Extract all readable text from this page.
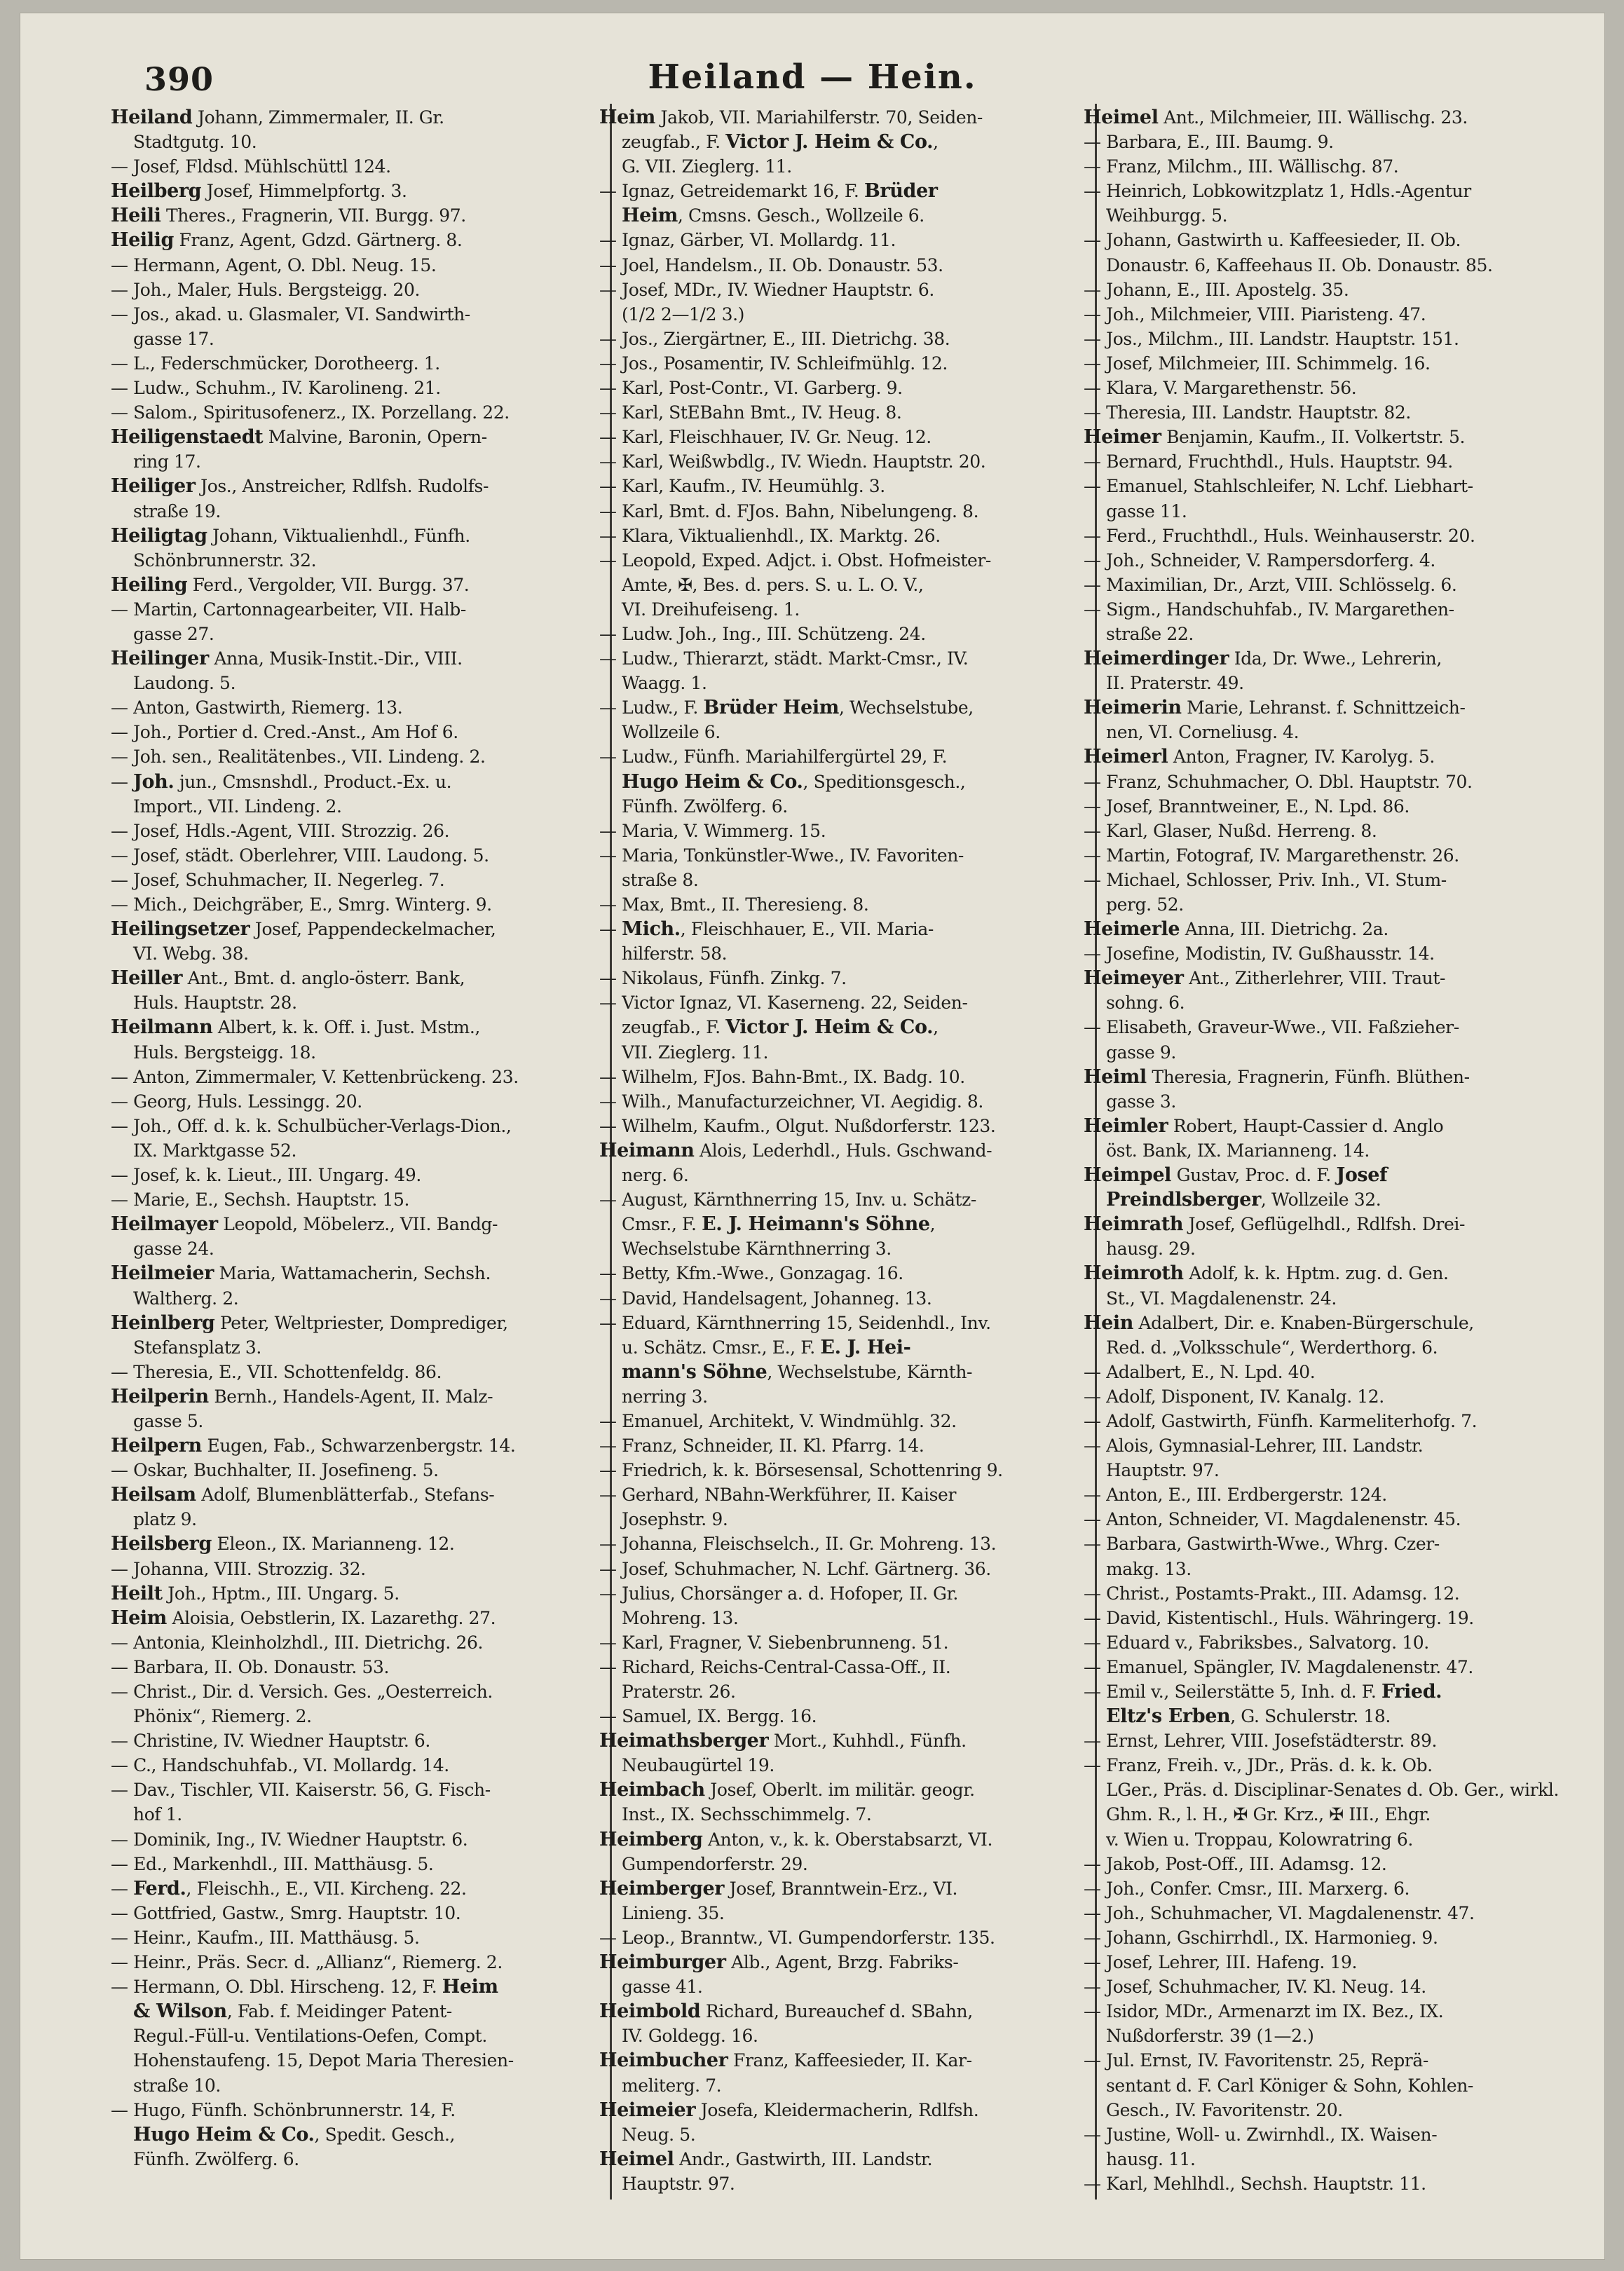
390	Heiland — Hein.
Heiland Johann, Zimmermaler, II. Gr.
Stadtgutg. 10.
— Josef, Fldsd. Mühlschüttl 124.
Heilberg Josef, Himmelpfortg. 3.
Heili Theres., Fragnerin, VII. Burgg. 97.
Heilig Franz, Agent, Gdzd. Gärtnerg. 8.
— Hermann, Agent, O. Dbl. Neug. 15.
— Joh., Maler, Huls. Bergsteigg. 20.
— Jos., akad. u. Glasmaler, VI. Sandwirth-
gasse 17.
— L., Federschmücker, Dorotheerg. 1.
— Ludw., Schuhm., IV. Karolineng. 21.
— Salom., Spiritusofenerz., IX. Porzellang. 22.
Heiligenstaedt Malvine, Baronin, Opern-
ring 17.
Heiliger Jos., Anstreicher, Rdlfsh. Rudolfs-
straße 19.
Heiligtag Johann, Viktualienhdl., Fünfh.
Schönbrunnerstr. 32.
Heiling Ferd., Vergolder, VII. Burgg. 37.
— Martin, Cartonnagearbeiter, VII. Halb-
gasse 27.
Heilinger Anna, Musik-Instit.-Dir., VIII.
Laudong. 5.
— Anton, Gastwirth, Riemerg. 13.
— Joh., Portier d. Cred.-Anst., Am Hof 6.
— Joh. sen., Realitätenbes., VII. Lindeng. 2.
— Joh. jun., Cmsnshdl., Product.-Ex. u.
Import., VII. Lindeng. 2.
— Josef, Hdls.-Agent, VIII. Strozzig. 26.
— Josef, städt. Oberlehrer, VIII. Laudong. 5.
— Josef, Schuhmacher, II. Negerleg. 7.
— Mich., Deichgräber, E., Smrg. Winterg. 9.
Heilingsetzer Josef, Pappendeckelmacher,
VI. Webg. 38.
Heiller Ant., Bmt. d. anglo-österr. Bank,
Huls. Hauptstr. 28.
Heilmann Albert, k. k. Off. i. Just. Mstm.,
Huls. Bergsteigg. 18.
— Anton, Zimmermaler, V. Kettenbrückeng. 23.
— Georg, Huls. Lessingg. 20.
— Joh., Off. d. k. k. Schulbücher-Verlags-Dion.,
IX. Marktgasse 52.
— Josef, k. k. Lieut., III. Ungarg. 49.
— Marie, E., Sechsh. Hauptstr. 15.
Heilmayer Leopold, Möbelerz., VII. Bandg-
gasse 24.
Heilmeier Maria, Wattamacherin, Sechsh.
Waltherg. 2.
Heinlberg Peter, Weltpriester, Domprediger,
Stefansplatz 3.
— Theresia, E., VII. Schottenfeldg. 86.
Heilperin Bernh., Handels-Agent, II. Malz-
gasse 5.
Heilpern Eugen, Fab., Schwarzenbergstr. 14.
— Oskar, Buchhalter, II. Josefineng. 5.
Heilsam Adolf, Blumenblätterfab., Stefans-
platz 9.
Heilsberg Eleon., IX. Marianneng. 12.
— Johanna, VIII. Strozzig. 32.
Heilt Joh., Hptm., III. Ungarg. 5.
Heim Aloisia, Oebstlerin, IX. Lazarethg. 27.
— Antonia, Kleinholzhdl., III. Dietrichg. 26.
— Barbara, II. Ob. Donaustr. 53.
— Christ., Dir. d. Versich. Ges. „Oesterreich.
Phönix“, Riemerg. 2.
— Christine, IV. Wiedner Hauptstr. 6.
— C., Handschuhfab., VI. Mollardg. 14.
— Dav., Tischler, VII. Kaiserstr. 56, G. Fisch-
hof 1.
— Dominik, Ing., IV. Wiedner Hauptstr. 6.
— Ed., Markenhdl., III. Matthäusg. 5.
— Ferd., Fleischh., E., VII. Kircheng. 22.
— Gottfried, Gastw., Smrg. Hauptstr. 10.
— Heinr., Kaufm., III. Matthäusg. 5.
— Heinr., Präs. Secr. d. „Allianz“, Riemerg. 2.
— Hermann, O. Dbl. Hirscheng. 12, F. Heim
& Wilson, Fab. f. Meidinger Patent-
Regul.-Füll-u. Ventilations-Oefen, Compt.
Hohenstaufeng. 15, Depot Maria Theresien-
straße 10.
— Hugo, Fünfh. Schönbrunnerstr. 14, F.
Hugo Heim & Co., Spedit. Gesch.,
Fünfh. Zwölferg. 6.
Heim Jakob, VII. Mariahilferstr. 70, Seiden-
zeugfab., F. Victor J. Heim & Co.,
G. VII. Zieglerg. 11.
— Ignaz, Getreidemarkt 16, F. Brüder
Heim, Cmsns. Gesch., Wollzeile 6.
— Ignaz, Gärber, VI. Mollardg. 11.
— Joel, Handelsm., II. Ob. Donaustr. 53.
— Josef, MDr., IV. Wiedner Hauptstr. 6.
(1/2 2—1/2 3.)
— Jos., Ziergärtner, E., III. Dietrichg. 38.
— Jos., Posamentir, IV. Schleifmühlg. 12.
— Karl, Post-Contr., VI. Garberg. 9.
— Karl, StEBahn Bmt., IV. Heug. 8.
— Karl, Fleischhauer, IV. Gr. Neug. 12.
— Karl, Weißwbdlg., IV. Wiedn. Hauptstr. 20.
— Karl, Kaufm., IV. Heumühlg. 3.
— Karl, Bmt. d. FJos. Bahn, Nibelungeng. 8.
— Klara, Viktualienhdl., IX. Marktg. 26.
— Leopold, Exped. Adjct. i. Obst. Hofmeister-
Amte, ✠, Bes. d. pers. S. u. L. O. V.,
VI. Dreihufeiseng. 1.
— Ludw. Joh., Ing., III. Schützeng. 24.
— Ludw., Thierarzt, städt. Markt-Cmsr., IV.
Waagg. 1.
— Ludw., F. Brüder Heim, Wechselstube,
Wollzeile 6.
— Ludw., Fünfh. Mariahilfergürtel 29, F.
Hugo Heim & Co., Speditionsgesch.,
Fünfh. Zwölferg. 6.
— Maria, V. Wimmerg. 15.
— Maria, Tonkünstler-Wwe., IV. Favoriten-
straße 8.
— Max, Bmt., II. Theresieng. 8.
— Mich., Fleischhauer, E., VII. Maria-
hilferstr. 58.
— Nikolaus, Fünfh. Zinkg. 7.
— Victor Ignaz, VI. Kaserneng. 22, Seiden-
zeugfab., F. Victor J. Heim & Co.,
VII. Zieglerg. 11.
— Wilhelm, FJos. Bahn-Bmt., IX. Badg. 10.
— Wilh., Manufacturzeichner, VI. Aegidig. 8.
— Wilhelm, Kaufm., Olgut. Nußdorferstr. 123.
Heimann Alois, Lederhdl., Huls. Gschwand-
nerg. 6.
— August, Kärnthnerring 15, Inv. u. Schätz-
Cmsr., F. E. J. Heimann's Söhne,
Wechselstube Kärnthnerring 3.
— Betty, Kfm.-Wwe., Gonzagag. 16.
— David, Handelsagent, Johanneg. 13.
— Eduard, Kärnthnerring 15, Seidenhdl., Inv.
u. Schätz. Cmsr., E., F. E. J. Hei-
mann's Söhne, Wechselstube, Kärnth-
nerring 3.
— Emanuel, Architekt, V. Windmühlg. 32.
— Franz, Schneider, II. Kl. Pfarrg. 14.
— Friedrich, k. k. Börsesensal, Schottenring 9.
— Gerhard, NBahn-Werkführer, II. Kaiser
Josephstr. 9.
— Johanna, Fleischselch., II. Gr. Mohreng. 13.
— Josef, Schuhmacher, N. Lchf. Gärtnerg. 36.
— Julius, Chorsänger a. d. Hofoper, II. Gr.
Mohreng. 13.
— Karl, Fragner, V. Siebenbrunneng. 51.
— Richard, Reichs-Central-Cassa-Off., II.
Praterstr. 26.
— Samuel, IX. Bergg. 16.
Heimathsberger Mort., Kuhhdl., Fünfh.
Neubaugürtel 19.
Heimbach Josef, Oberlt. im militär. geogr.
Inst., IX. Sechsschimmelg. 7.
Heimberg Anton, v., k. k. Oberstabsarzt, VI.
Gumpendorferstr. 29.
Heimberger Josef, Branntwein-Erz., VI.
Linieng. 35.
— Leop., Branntw., VI. Gumpendorferstr. 135.
Heimburger Alb., Agent, Brzg. Fabriks-
gasse 41.
Heimbold Richard, Bureauchef d. SBahn,
IV. Goldegg. 16.
Heimbucher Franz, Kaffeesieder, II. Kar-
meliterg. 7.
Heimeier Josefa, Kleidermacherin, Rdlfsh.
Neug. 5.
Heimel Andr., Gastwirth, III. Landstr.
Hauptstr. 97.
Heimel Ant., Milchmeier, III. Wällischg. 23.
— Barbara, E., III. Baumg. 9.
— Franz, Milchm., III. Wällischg. 87.
— Heinrich, Lobkowitzplatz 1, Hdls.-Agentur
Weihburgg. 5.
— Johann, Gastwirth u. Kaffeesieder, II. Ob.
Donaustr. 6, Kaffeehaus II. Ob. Donaustr. 85.
— Johann, E., III. Apostelg. 35.
— Joh., Milchmeier, VIII. Piaristeng. 47.
— Jos., Milchm., III. Landstr. Hauptstr. 151.
— Josef, Milchmeier, III. Schimmelg. 16.
— Klara, V. Margarethenstr. 56.
— Theresia, III. Landstr. Hauptstr. 82.
Heimer Benjamin, Kaufm., II. Volkertstr. 5.
— Bernard, Fruchthdl., Huls. Hauptstr. 94.
— Emanuel, Stahlschleifer, N. Lchf. Liebhart-
gasse 11.
— Ferd., Fruchthdl., Huls. Weinhauserstr. 20.
— Joh., Schneider, V. Rampersdorferg. 4.
— Maximilian, Dr., Arzt, VIII. Schlösselg. 6.
— Sigm., Handschuhfab., IV. Margarethen-
straße 22.
Heimerdinger Ida, Dr. Wwe., Lehrerin,
II. Praterstr. 49.
Heimerin Marie, Lehranst. f. Schnittzeich-
nen, VI. Corneliusg. 4.
Heimerl Anton, Fragner, IV. Karolyg. 5.
— Franz, Schuhmacher, O. Dbl. Hauptstr. 70.
— Josef, Branntweiner, E., N. Lpd. 86.
— Karl, Glaser, Nußd. Herreng. 8.
— Martin, Fotograf, IV. Margarethenstr. 26.
— Michael, Schlosser, Priv. Inh., VI. Stum-
perg. 52.
Heimerle Anna, III. Dietrichg. 2a.
— Josefine, Modistin, IV. Gußhausstr. 14.
Heimeyer Ant., Zitherlehrer, VIII. Traut-
sohng. 6.
— Elisabeth, Graveur-Wwe., VII. Faßzieher-
gasse 9.
Heiml Theresia, Fragnerin, Fünfh. Blüthen-
gasse 3.
Heimler Robert, Haupt-Cassier d. Anglo
öst. Bank, IX. Marianneng. 14.
Heimpel Gustav, Proc. d. F. Josef
Preindlsberger, Wollzeile 32.
Heimrath Josef, Geflügelhdl., Rdlfsh. Drei-
hausg. 29.
Heimroth Adolf, k. k. Hptm. zug. d. Gen.
St., VI. Magdalenenstr. 24.
Hein Adalbert, Dir. e. Knaben-Bürgerschule,
Red. d. „Volksschule“, Werderthorg. 6.
— Adalbert, E., N. Lpd. 40.
— Adolf, Disponent, IV. Kanalg. 12.
— Adolf, Gastwirth, Fünfh. Karmeliterhofg. 7.
— Alois, Gymnasial-Lehrer, III. Landstr.
Hauptstr. 97.
— Anton, E., III. Erdbergerstr. 124.
— Anton, Schneider, VI. Magdalenenstr. 45.
— Barbara, Gastwirth-Wwe., Whrg. Czer-
makg. 13.
— Christ., Postamts-Prakt., III. Adamsg. 12.
— David, Kistentischl., Huls. Währingerg. 19.
— Eduard v., Fabriksbes., Salvatorg. 10.
— Emanuel, Spängler, IV. Magdalenenstr. 47.
— Emil v., Seilerstätte 5, Inh. d. F. Fried.
Eltz's Erben, G. Schulerstr. 18.
— Ernst, Lehrer, VIII. Josefstädterstr. 89.
— Franz, Freih. v., JDr., Präs. d. k. k. Ob.
LGer., Präs. d. Disciplinar-Senates d. Ob. Ger., wirkl.
Ghm. R., l. H., ✠ Gr. Krz., ✠ III., Ehgr.
v. Wien u. Troppau, Kolowratring 6.
— Jakob, Post-Off., III. Adamsg. 12.
— Joh., Confer. Cmsr., III. Marxerg. 6.
— Joh., Schuhmacher, VI. Magdalenenstr. 47.
— Johann, Gschirrhdl., IX. Harmonieg. 9.
— Josef, Lehrer, III. Hafeng. 19.
— Josef, Schuhmacher, IV. Kl. Neug. 14.
— Isidor, MDr., Armenarzt im IX. Bez., IX.
Nußdorferstr. 39 (1—2.)
— Jul. Ernst, IV. Favoritenstr. 25, Reprä-
sentant d. F. Carl Königer & Sohn, Kohlen-
Gesch., IV. Favoritenstr. 20.
— Justine, Woll- u. Zwirnhdl., IX. Waisen-
hausg. 11.
— Karl, Mehlhdl., Sechsh. Hauptstr. 11.
